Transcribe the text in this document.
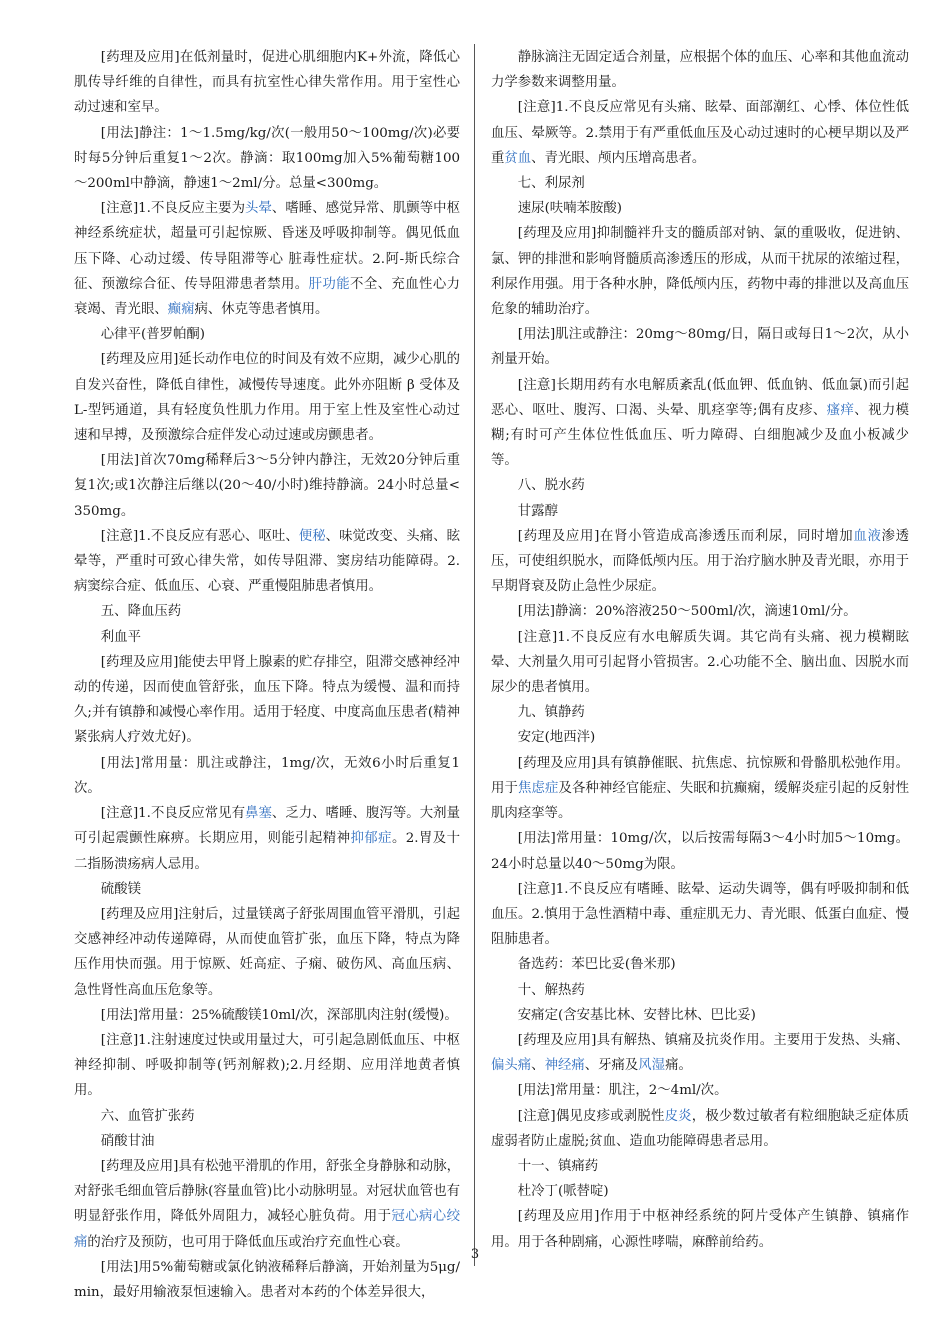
[药理及应用]在低剂量时，促进心肌细胞内K+外流，降低心肌传导纤维的自律性，而具有抗室性心律失常作用。用于室性心动过速和室早。

[用法]静注：1～1.5mg/kg/次(一般用50～100mg/次)必要时每5分钟后重复1～2次。静滴：取100mg加入5%葡萄糖100～200ml中静滴，静速1～2ml/分。总量<300mg。

[注意]1.不良反应主要为头晕、嗜睡、感觉异常、肌颤等中枢神经系统症状，超量可引起惊厥、昏迷及呼吸抑制等。偶见低血压下降、心动过缓、传导阻滞等心 脏毒性症状。2.阿-斯氏综合征、预激综合征、传导阻滞患者禁用。肝功能不全、充血性心力衰竭、青光眼、癫痫病、休克等患者慎用。

心律平(普罗帕酮)

[药理及应用]延长动作电位的时间及有效不应期，减少心肌的自发兴奋性，降低自律性，减慢传导速度。此外亦阻断 β 受体及L-型钙通道，具有轻度负性肌力作用。用于室上性及室性心动过速和早搏，及预激综合症伴发心动过速或房颤患者。

[用法]首次70mg稀释后3～5分钟内静注，无效20分钟后重复1次;或1次静注后继以(20～40/小时)维持静滴。24小时总量<350mg。

[注意]1.不良反应有恶心、呕吐、便秘、味觉改变、头痛、眩晕等，严重时可致心律失常，如传导阻滞、窦房结功能障碍。2.病窦综合症、低血压、心衰、严重慢阻肺患者慎用。

五、降血压药

利血平

[药理及应用]能使去甲肾上腺素的贮存排空，阻滞交感神经冲动的传递，因而使血管舒张，血压下降。特点为缓慢、温和而持久;并有镇静和减慢心率作用。适用于轻度、中度高血压患者(精神紧张病人疗效尤好)。

[用法]常用量：肌注或静注，1mg/次，无效6小时后重复1次。

[注意]1.不良反应常见有鼻塞、乏力、嗜睡、腹泻等。大剂量可引起震颤性麻痹。长期应用，则能引起精神抑郁症。2.胃及十二指肠溃疡病人忌用。

硫酸镁

[药理及应用]注射后，过量镁离子舒张周围血管平滑肌，引起交感神经冲动传递障碍，从而使血管扩张，血压下降，特点为降压作用快而强。用于惊厥、妊高症、子痫、破伤风、高血压病、急性肾性高血压危象等。

[用法]常用量：25%硫酸镁10ml/次，深部肌肉注射(缓慢)。

[注意]1.注射速度过快或用量过大，可引起急剧低血压、中枢神经抑制、呼吸抑制等(钙剂解救);2.月经期、应用洋地黄者慎用。

六、血管扩张药

硝酸甘油

[药理及应用]具有松弛平滑肌的作用，舒张全身静脉和动脉，对舒张毛细血管后静脉(容量血管)比小动脉明显。对冠状血管也有明显舒张作用，降低外周阻力，减轻心脏负荷。用于冠心病心绞痛的治疗及预防，也可用于降低血压或治疗充血性心衰。

[用法]用5%葡萄糖或氯化钠液稀释后静滴，开始剂量为5μg/min，最好用输液泵恒速输入。患者对本药的个体差异很大，

静脉滴注无固定适合剂量，应根据个体的血压、心率和其他血流动力学参数来调整用量。

[注意]1.不良反应常见有头痛、眩晕、面部潮红、心悸、体位性低血压、晕厥等。2.禁用于有严重低血压及心动过速时的心梗早期以及严重贫血、青光眼、颅内压增高患者。

七、利尿剂

速尿(呋喃苯胺酸)

[药理及应用]抑制髓袢升支的髓质部对钠、氯的重吸收，促进钠、氯、钾的排泄和影响肾髓质高渗透压的形成，从而干扰尿的浓缩过程，利尿作用强。用于各种水肿，降低颅内压，药物中毒的排泄以及高血压危象的辅助治疗。

[用法]肌注或静注：20mg～80mg/日，隔日或每日1～2次，从小剂量开始。

[注意]长期用药有水电解质紊乱(低血钾、低血钠、低血氯)而引起恶心、呕吐、腹泻、口渴、头晕、肌痉挛等;偶有皮疹、瘙痒、视力模糊;有时可产生体位性低血压、听力障碍、白细胞减少及血小板减少等。

八、脱水药

甘露醇

[药理及应用]在肾小管造成高渗透压而利尿，同时增加血液渗透压，可使组织脱水，而降低颅内压。用于治疗脑水肿及青光眼，亦用于早期肾衰及防止急性少尿症。

[用法]静滴：20%溶液250～500ml/次，滴速10ml/分。

[注意]1.不良反应有水电解质失调。其它尚有头痛、视力模糊眩晕、大剂量久用可引起肾小管损害。2.心功能不全、脑出血、因脱水而尿少的患者慎用。

九、镇静药

安定(地西泮)

[药理及应用]具有镇静催眠、抗焦虑、抗惊厥和骨骼肌松弛作用。用于焦虑症及各种神经官能症、失眠和抗癫痫，缓解炎症引起的反射性肌肉痉挛等。

[用法]常用量：10mg/次，以后按需每隔3～4小时加5～10mg。24小时总量以40～50mg为限。

[注意]1.不良反应有嗜睡、眩晕、运动失调等，偶有呼吸抑制和低血压。2.慎用于急性酒精中毒、重症肌无力、青光眼、低蛋白血症、慢阻肺患者。

备选药：苯巴比妥(鲁米那)

十、解热药

安痛定(含安基比林、安替比林、巴比妥)

[药理及应用]具有解热、镇痛及抗炎作用。主要用于发热、头痛、偏头痛、神经痛、牙痛及风湿痛。

[用法]常用量：肌注，2～4ml/次。

[注意]偶见皮疹或剥脱性皮炎，极少数过敏者有粒细胞缺乏症体质虚弱者防止虚脱;贫血、造血功能障碍患者忌用。

十一、镇痛药

杜冷丁(哌替啶)

[药理及应用]作用于中枢神经系统的阿片受体产生镇静、镇痛作用。用于各种剧痛，心源性哮喘，麻醉前给药。

3
